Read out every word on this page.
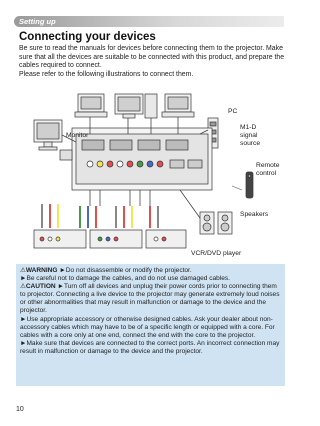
Setting up
Connecting your devices

Be sure to read the manuals for devices before connecting them to the projector. Make sure that all the devices are suitable to be connected with this product, and prepare the cables required to connect.

Please refer to the following illustrations to connect them.

PC
Monitor
M1-D
signal
source
Remote
control
Speakers
VCR/DVD player

⚠WARNING ►Do not disassemble or modify the projector.

►Be careful not to damage the cables, and do not use damaged cables.

⚠CAUTION ►Turn off all devices and unplug their power cords prior to connecting them to projector. Connecting a live device to the projector may generate extremely loud noises or other abnormalities that may result in malfunction or damage to the device and the projector.

►Use appropriate accessory or otherwise designed cables. Ask your dealer about non-accessory cables which may have to be of a specific length or equipped with a core. For cables with a core only at one end, connect the end with the core to the projector.

►Make sure that devices are connected to the correct ports. An incorrect connection may result in malfunction or damage to the device and the projector.

10
